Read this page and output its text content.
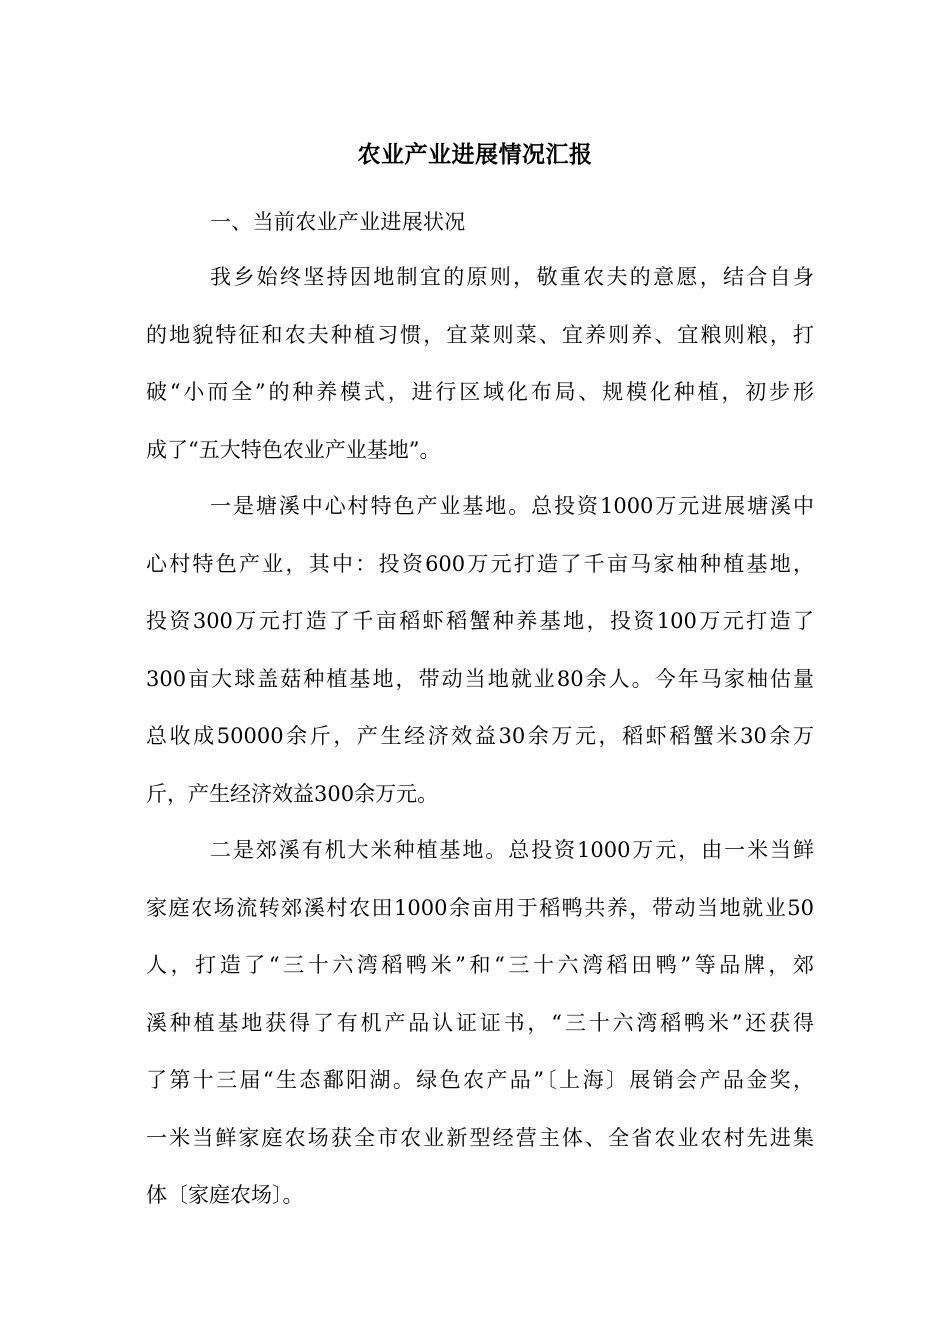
农业产业进展情况汇报
一、当前农业产业进展状况
我乡始终坚持因地制宜的原则，敬重农夫的意愿，结合自身
的地貌特征和农夫种植习惯，宜菜则菜、宜养则养、宜粮则粮，打
破“小而全”的种养模式，进行区域化布局、规模化种植，初步形
成了“五大特色农业产业基地”。
一是塘溪中心村特色产业基地。总投资1000万元进展塘溪中
心村特色产业，其中：投资600万元打造了千亩马家柚种植基地，
投资300万元打造了千亩稻虾稻蟹种养基地，投资100万元打造了
300亩大球盖菇种植基地，带动当地就业80余人。今年马家柚估量
总收成50000余斤，产生经济效益30余万元，稻虾稻蟹米30余万
斤，产生经济效益300余万元。
二是郊溪有机大米种植基地。总投资1000万元，由一米当鲜
家庭农场流转郊溪村农田1000余亩用于稻鸭共养，带动当地就业50
人，打造了“三十六湾稻鸭米”和“三十六湾稻田鸭”等品牌，郊
溪种植基地获得了有机产品认证证书，“三十六湾稻鸭米”还获得
了第十三届“生态鄱阳湖。绿色农产品”〔上海〕展销会产品金奖，
一米当鲜家庭农场获全市农业新型经营主体、全省农业农村先进集
体〔家庭农场〕。
